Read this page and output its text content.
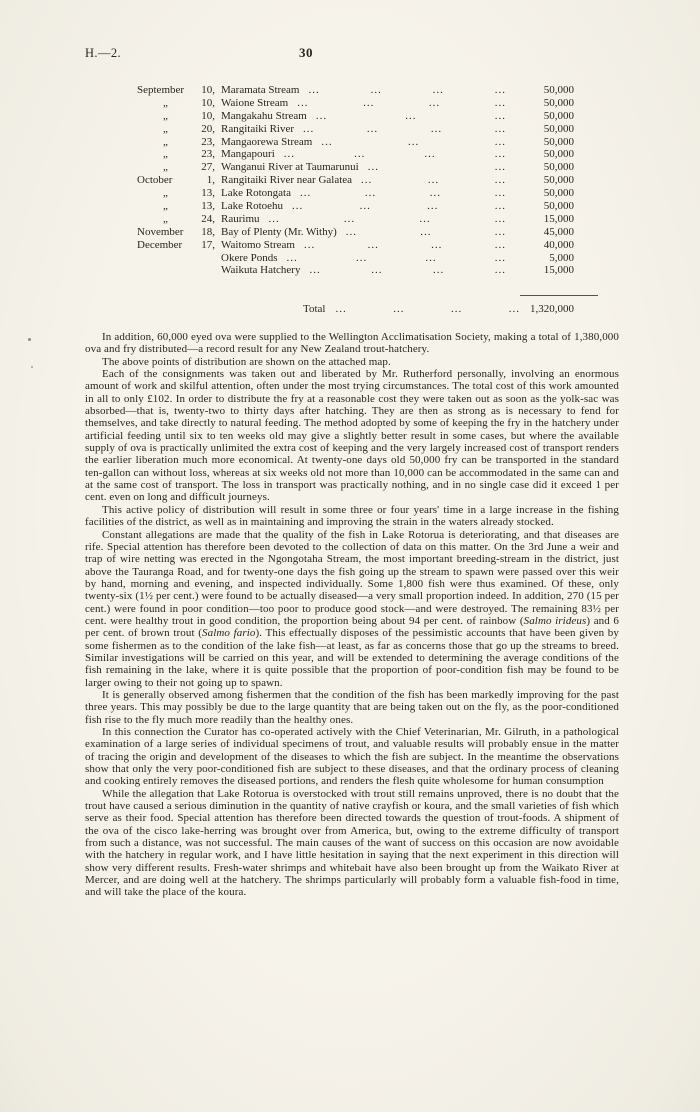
H.—2.	30
September	10, Maramata Stream ...	...	...	...	50,000
„	10, Waione Stream ...	...	...	...	50,000
„	10, Mangakahu Stream ...	...	...	50,000
„	20, Rangitaiki River ...	...	...	...	50,000
„	23, Mangaorewa Stream ...	...	...	50,000
„	23, Mangapouri ...	...	...	...	50,000
„	27, Wanganui River at Taumarunui ...	...	50,000
October	1, Rangitaiki River near Galatea ...	...	...	50,000
„	13, Lake Rotongata ...	...	...	...	50,000
„	13, Lake Rotoehu ...	...	...	...	50,000
„	24, Raurimu ...	...	...	...	15,000
November	18, Bay of Plenty (Mr. Withy) ...	...	...	45,000
December	17, Waitomo Stream ...	...	...	...	40,000
Okere Ponds ...	...	...	...	5,000
Waikuta Hatchery ...	...	...	...	15,000
Total ...	...	...	... 1,320,000

In addition, 60,000 eyed ova were supplied to the Wellington Acclimatisation Society, making a total of 1,380,000 ova and fry distributed—a record result for any New Zealand trout-hatchery.

The above points of distribution are shown on the attached map.

Each of the consignments was taken out and liberated by Mr. Rutherford personally, involving an enormous amount of work and skilful attention, often under the most trying circumstances. The total cost of this work amounted in all to only £102. In order to distribute the fry at a reasonable cost they were taken out as soon as the yolk-sac was absorbed—that is, twenty-two to thirty days after hatching. They are then as strong as is necessary to fend for themselves, and take directly to natural feeding. The method adopted by some of keeping the fry in the hatchery under artificial feeding until six to ten weeks old may give a slightly better result in some cases, but where the available supply of ova is practically unlimited the extra cost of keeping and the very largely increased cost of transport renders the earlier liberation much more economical. At twenty-one days old 50,000 fry can be transported in the standard ten-gallon can without loss, whereas at six weeks old not more than 10,000 can be accommodated in the same can and at the same cost of transport. The loss in transport was practically nothing, and in no single case did it exceed 1 per cent. even on long and difficult journeys.

This active policy of distribution will result in some three or four years' time in a large increase in the fishing facilities of the district, as well as in maintaining and improving the strain in the waters already stocked.

Constant allegations are made that the quality of the fish in Lake Rotorua is deteriorating, and that diseases are rife. Special attention has therefore been devoted to the collection of data on this matter. On the 3rd June a weir and trap of wire netting was erected in the Ngongotaha Stream, the most important breeding-stream in the district, just above the Tauranga Road, and for twenty-one days the fish going up the stream to spawn were passed over this weir by hand, morning and evening, and inspected individually. Some 1,800 fish were thus examined. Of these, only twenty-six (1½ per cent.) were found to be actually diseased—a very small proportion indeed. In addition, 270 (15 per cent.) were found in poor condition—too poor to produce good stock—and were destroyed. The remaining 83½ per cent. were healthy trout in good condition, the proportion being about 94 per cent. of rainbow (Salmo irideus) and 6 per cent. of brown trout (Salmo fario). This effectually disposes of the pessimistic accounts that have been given by some fishermen as to the condition of the lake fish—at least, as far as concerns those that go up the streams to breed. Similar investigations will be carried on this year, and will be extended to determining the average conditions of the fish remaining in the lake, where it is quite possible that the proportion of poor-condition fish may be found to be larger owing to their not going up to spawn.

It is generally observed among fishermen that the condition of the fish has been markedly improving for the past three years. This may possibly be due to the large quantity that are being taken out on the fly, as the poor-conditioned fish rise to the fly much more readily than the healthy ones.

In this connection the Curator has co-operated actively with the Chief Veterinarian, Mr. Gilruth, in a pathological examination of a large series of individual specimens of trout, and valuable results will probably ensue in the matter of tracing the origin and development of the diseases to which the fish are subject. In the meantime the observations show that only the very poor-conditioned fish are subject to these diseases, and that the ordinary process of cleaning and cooking entirely removes the diseased portions, and renders the flesh quite wholesome for human consumption

While the allegation that Lake Rotorua is overstocked with trout still remains unproved, there is no doubt that the trout have caused a serious diminution in the quantity of native crayfish or koura, and the small varieties of fish which serve as their food. Special attention has therefore been directed towards the question of trout-foods. A shipment of the ova of the cisco lake-herring was brought over from America, but, owing to the extreme difficulty of transport from such a distance, was not successful. The main causes of the want of success on this occasion are now avoidable with the hatchery in regular work, and I have little hesitation in saying that the next experiment in this direction will show very different results. Fresh-water shrimps and whitebait have also been brought up from the Waikato River at Mercer, and are doing well at the hatchery. The shrimps particularly will probably form a valuable fish-food in time, and will take the place of the koura.
